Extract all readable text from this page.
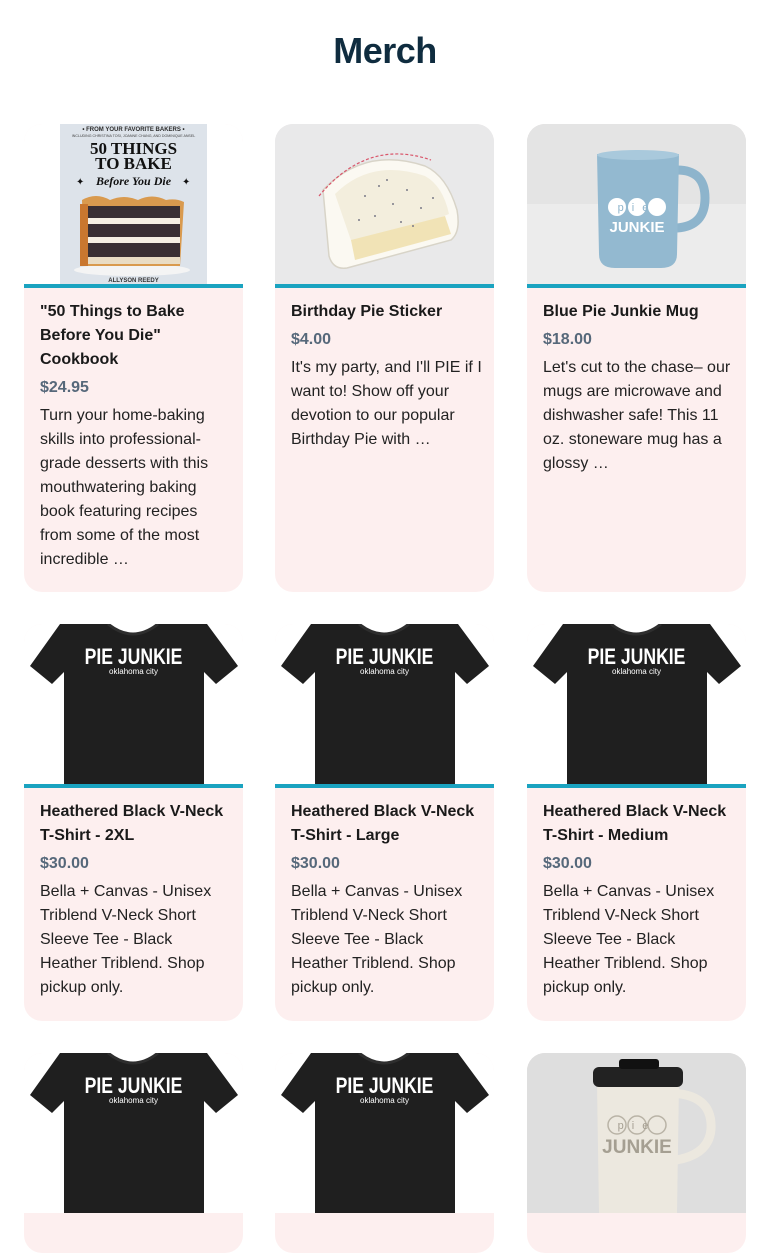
Merch
• FROM YOUR FAVORITE BAKERS •
INCLUDING CHRISTINA TOSI, JOANNE CHANG, AND DOMINIQUE ANSEL
50 THINGS
TO BAKE
Before You Die
✦	✦
ALLYSON REEDY

"50 Things to Bake Before You Die" Cookbook

$24.95

Turn your home-baking skills into professional-grade desserts with this mouthwatering baking book featuring recipes from some of the most incredible …

Birthday Pie Sticker

$4.00

It's my party, and I'll PIE if I want to! Show off your devotion to our popular Birthday Pie with …

pie
JUNKIE

Blue Pie Junkie Mug

$18.00

Let's cut to the chase– our mugs are microwave and dishwasher safe! This 11 oz. stoneware mug has a glossy …

PIE JUNKIE
oklahoma city

Heathered Black V-Neck T-Shirt - 2XL

$30.00

Bella + Canvas - Unisex Triblend V-Neck Short Sleeve Tee - Black Heather Triblend. Shop pickup only.

PIE JUNKIE
oklahoma city

Heathered Black V-Neck T-Shirt - Large

$30.00

Bella + Canvas - Unisex Triblend V-Neck Short Sleeve Tee - Black Heather Triblend. Shop pickup only.

PIE JUNKIE
oklahoma city

Heathered Black V-Neck T-Shirt - Medium

$30.00

Bella + Canvas - Unisex Triblend V-Neck Short Sleeve Tee - Black Heather Triblend. Shop pickup only.

PIE JUNKIE
oklahoma city
PIE JUNKIE
oklahoma city
pie
JUNKIE
